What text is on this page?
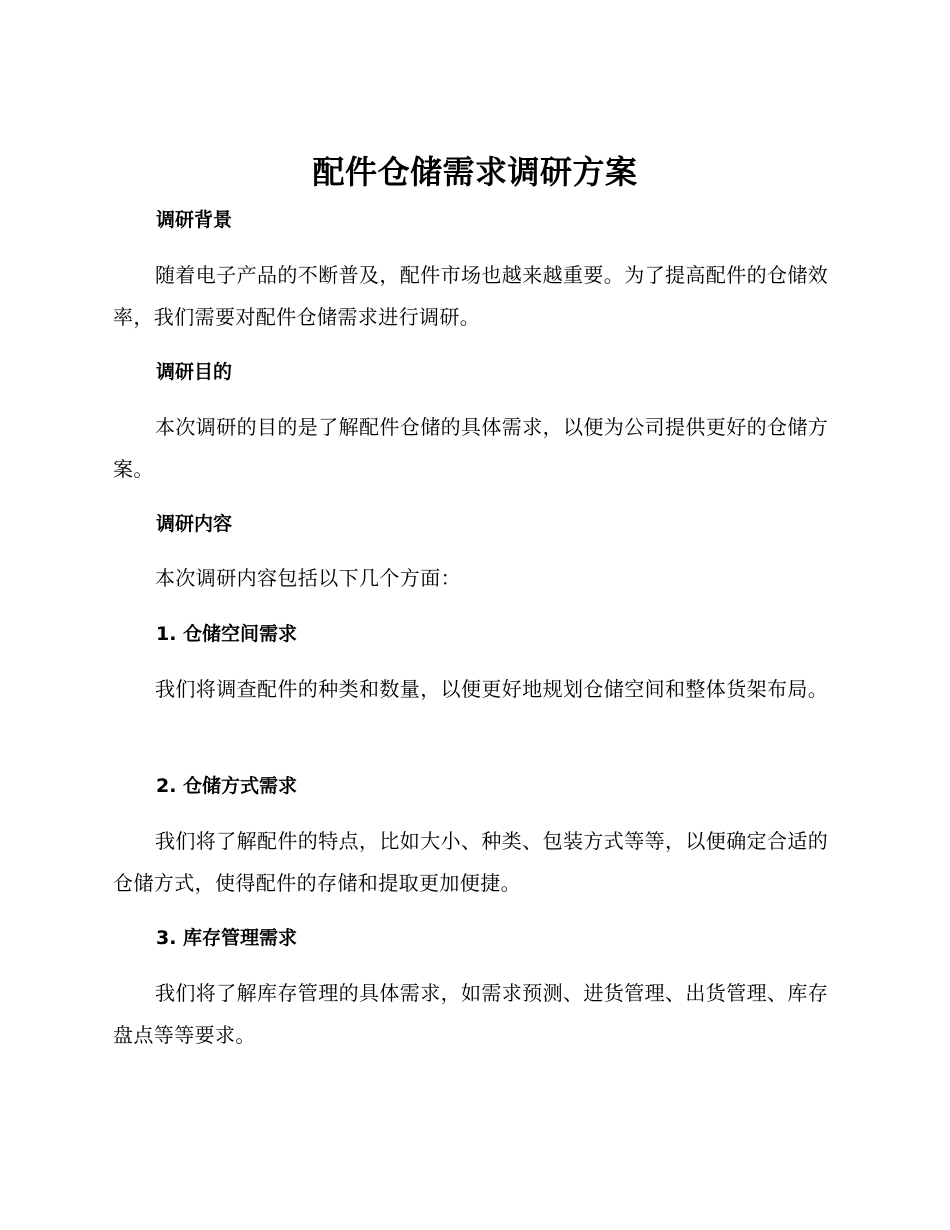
配件仓储需求调研方案
调研背景

随着电子产品的不断普及，配件市场也越来越重要。为了提高配件的仓储效率，我们需要对配件仓储需求进行调研。

调研目的

本次调研的目的是了解配件仓储的具体需求，以便为公司提供更好的仓储方案。

调研内容

本次调研内容包括以下几个方面：

1. 仓储空间需求

我们将调查配件的种类和数量，以便更好地规划仓储空间和整体货架布局。

2. 仓储方式需求

我们将了解配件的特点，比如大小、种类、包装方式等等，以便确定合适的仓储方式，使得配件的存储和提取更加便捷。

3. 库存管理需求

我们将了解库存管理的具体需求，如需求预测、进货管理、出货管理、库存盘点等等要求。
